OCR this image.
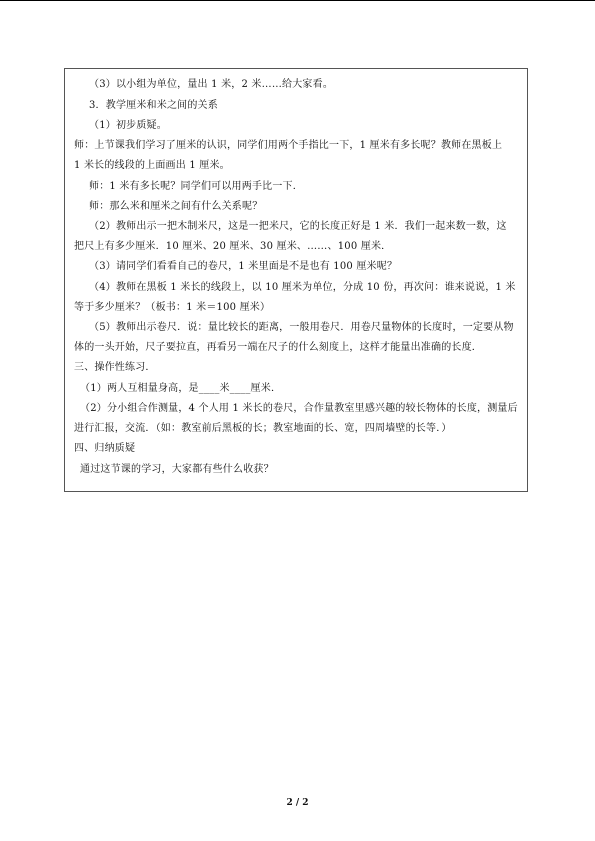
（3）以小组为单位，量出 1 米，2 米……给大家看。
3．教学厘米和米之间的关系
（1）初步质疑。
师：上节课我们学习了厘米的认识，同学们用两个手指比一下，1 厘米有多长呢？教师在黑板上
1 米长的线段的上面画出 1 厘米。
师：1 米有多长呢？同学们可以用两手比一下．
师：那么米和厘米之间有什么关系呢？
（2）教师出示一把木制米尺，这是一把米尺，它的长度正好是 1 米．我们一起来数一数，这
把尺上有多少厘米．10 厘米、20 厘米、30 厘米、……、100 厘米．
（3）请同学们看看自己的卷尺，1 米里面是不是也有 100 厘米呢？
（4）教师在黑板 1 米长的线段上，以 10 厘米为单位，分成 10 份，再次问：谁来说说，1 米
等于多少厘米？（板书：1 米＝100 厘米）
（5）教师出示卷尺．说：量比较长的距离，一般用卷尺．用卷尺量物体的长度时，一定要从物
体的一头开始，尺子要拉直，再看另一端在尺子的什么刻度上，这样才能量出准确的长度．
三、操作性练习．
（1）两人互相量身高，是____米____厘米．
（2）分小组合作测量，4 个人用 1 米长的卷尺，合作量教室里感兴趣的较长物体的长度，测量后
进行汇报，交流．（如：教室前后黑板的长；教室地面的长、宽，四周墙壁的长等．）
四、归纳质疑
通过这节课的学习，大家都有些什么收获？
2 / 2
